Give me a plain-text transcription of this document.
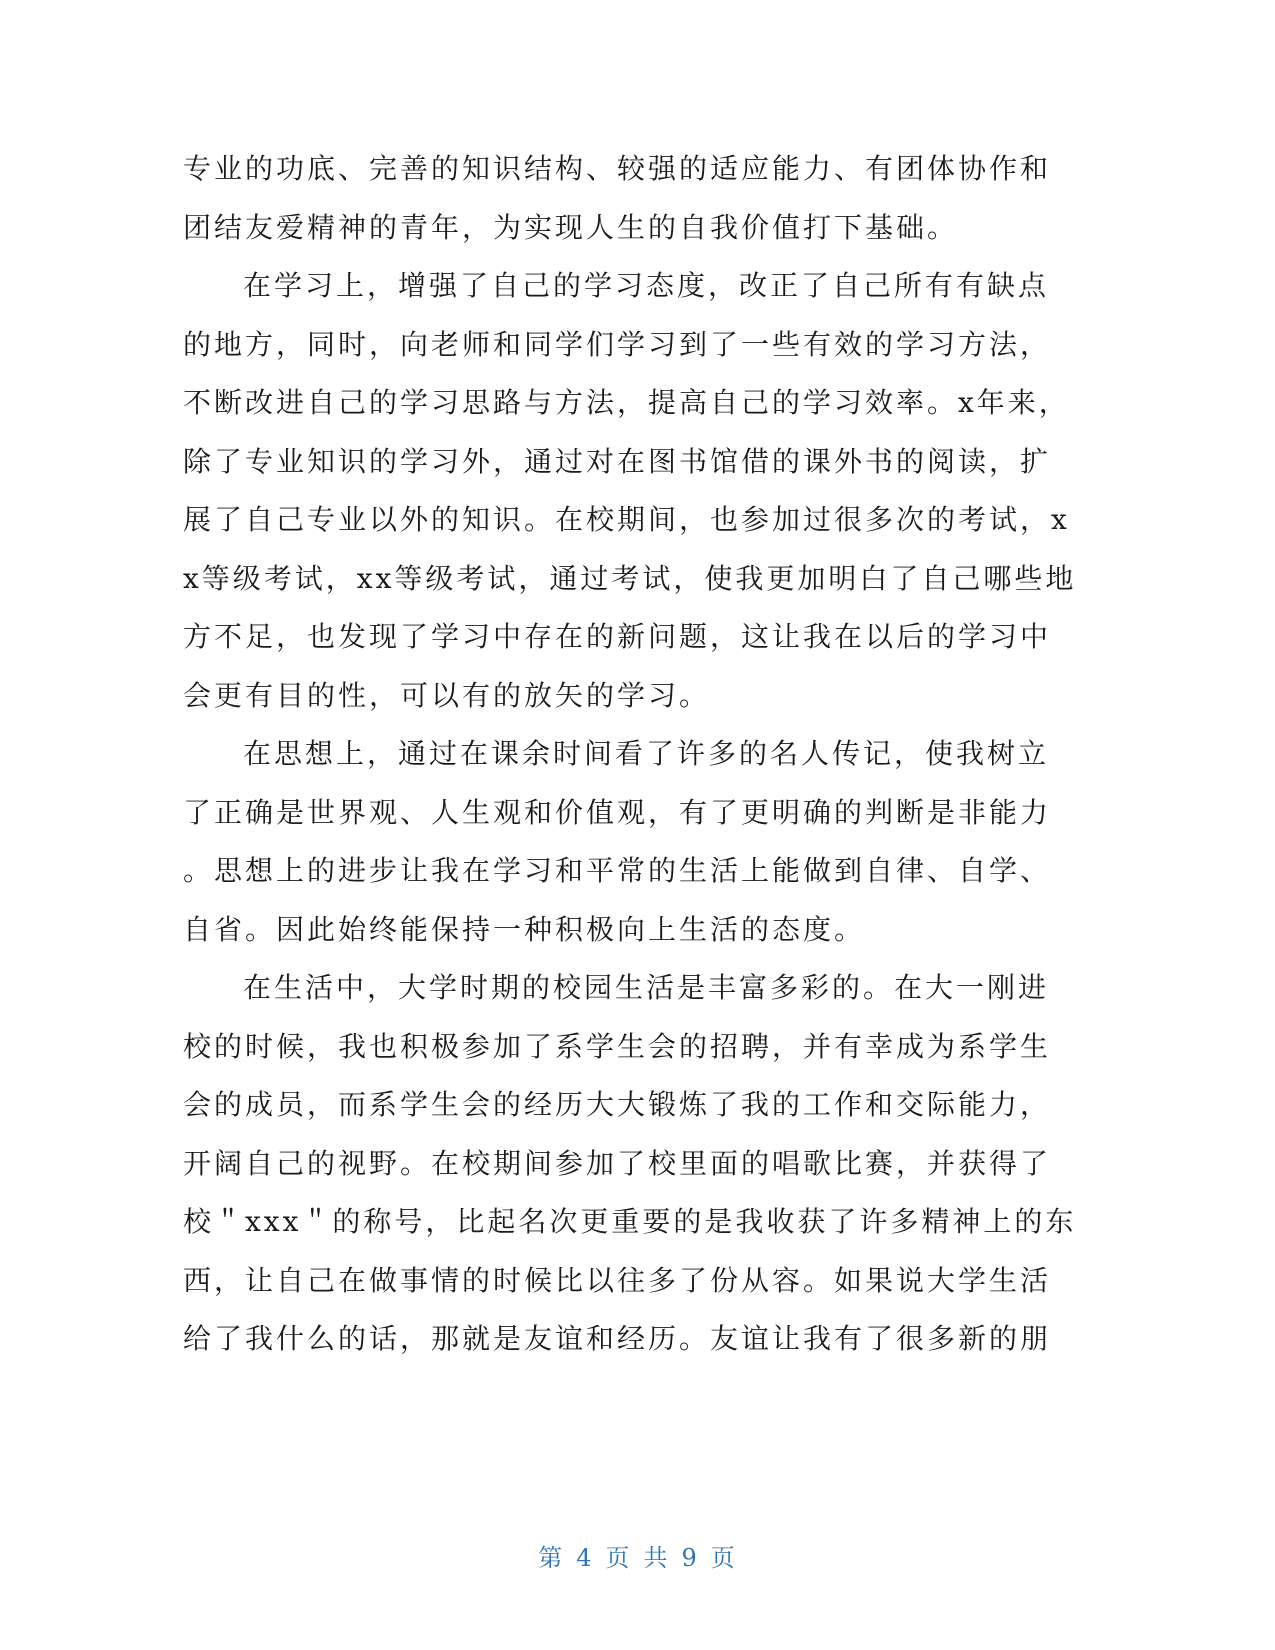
专业的功底、完善的知识结构、较强的适应能力、有团体协作和
团结友爱精神的青年，为实现人生的自我价值打下基础。
在学习上，增强了自己的学习态度，改正了自己所有有缺点
的地方，同时，向老师和同学们学习到了一些有效的学习方法，
不断改进自己的学习思路与方法，提高自己的学习效率。x年来，
除了专业知识的学习外，通过对在图书馆借的课外书的阅读，扩
展了自己专业以外的知识。在校期间，也参加过很多次的考试，x
x等级考试，xx等级考试，通过考试，使我更加明白了自己哪些地
方不足，也发现了学习中存在的新问题，这让我在以后的学习中
会更有目的性，可以有的放矢的学习。
在思想上，通过在课余时间看了许多的名人传记，使我树立
了正确是世界观、人生观和价值观，有了更明确的判断是非能力
。思想上的进步让我在学习和平常的生活上能做到自律、自学、
自省。因此始终能保持一种积极向上生活的态度。
在生活中，大学时期的校园生活是丰富多彩的。在大一刚进
校的时候，我也积极参加了系学生会的招聘，并有幸成为系学生
会的成员，而系学生会的经历大大锻炼了我的工作和交际能力，
开阔自己的视野。在校期间参加了校里面的唱歌比赛，并获得了
校＂xxx＂的称号，比起名次更重要的是我收获了许多精神上的东
西，让自己在做事情的时候比以往多了份从容。如果说大学生活
给了我什么的话，那就是友谊和经历。友谊让我有了很多新的朋
第 4 页 共 9 页
